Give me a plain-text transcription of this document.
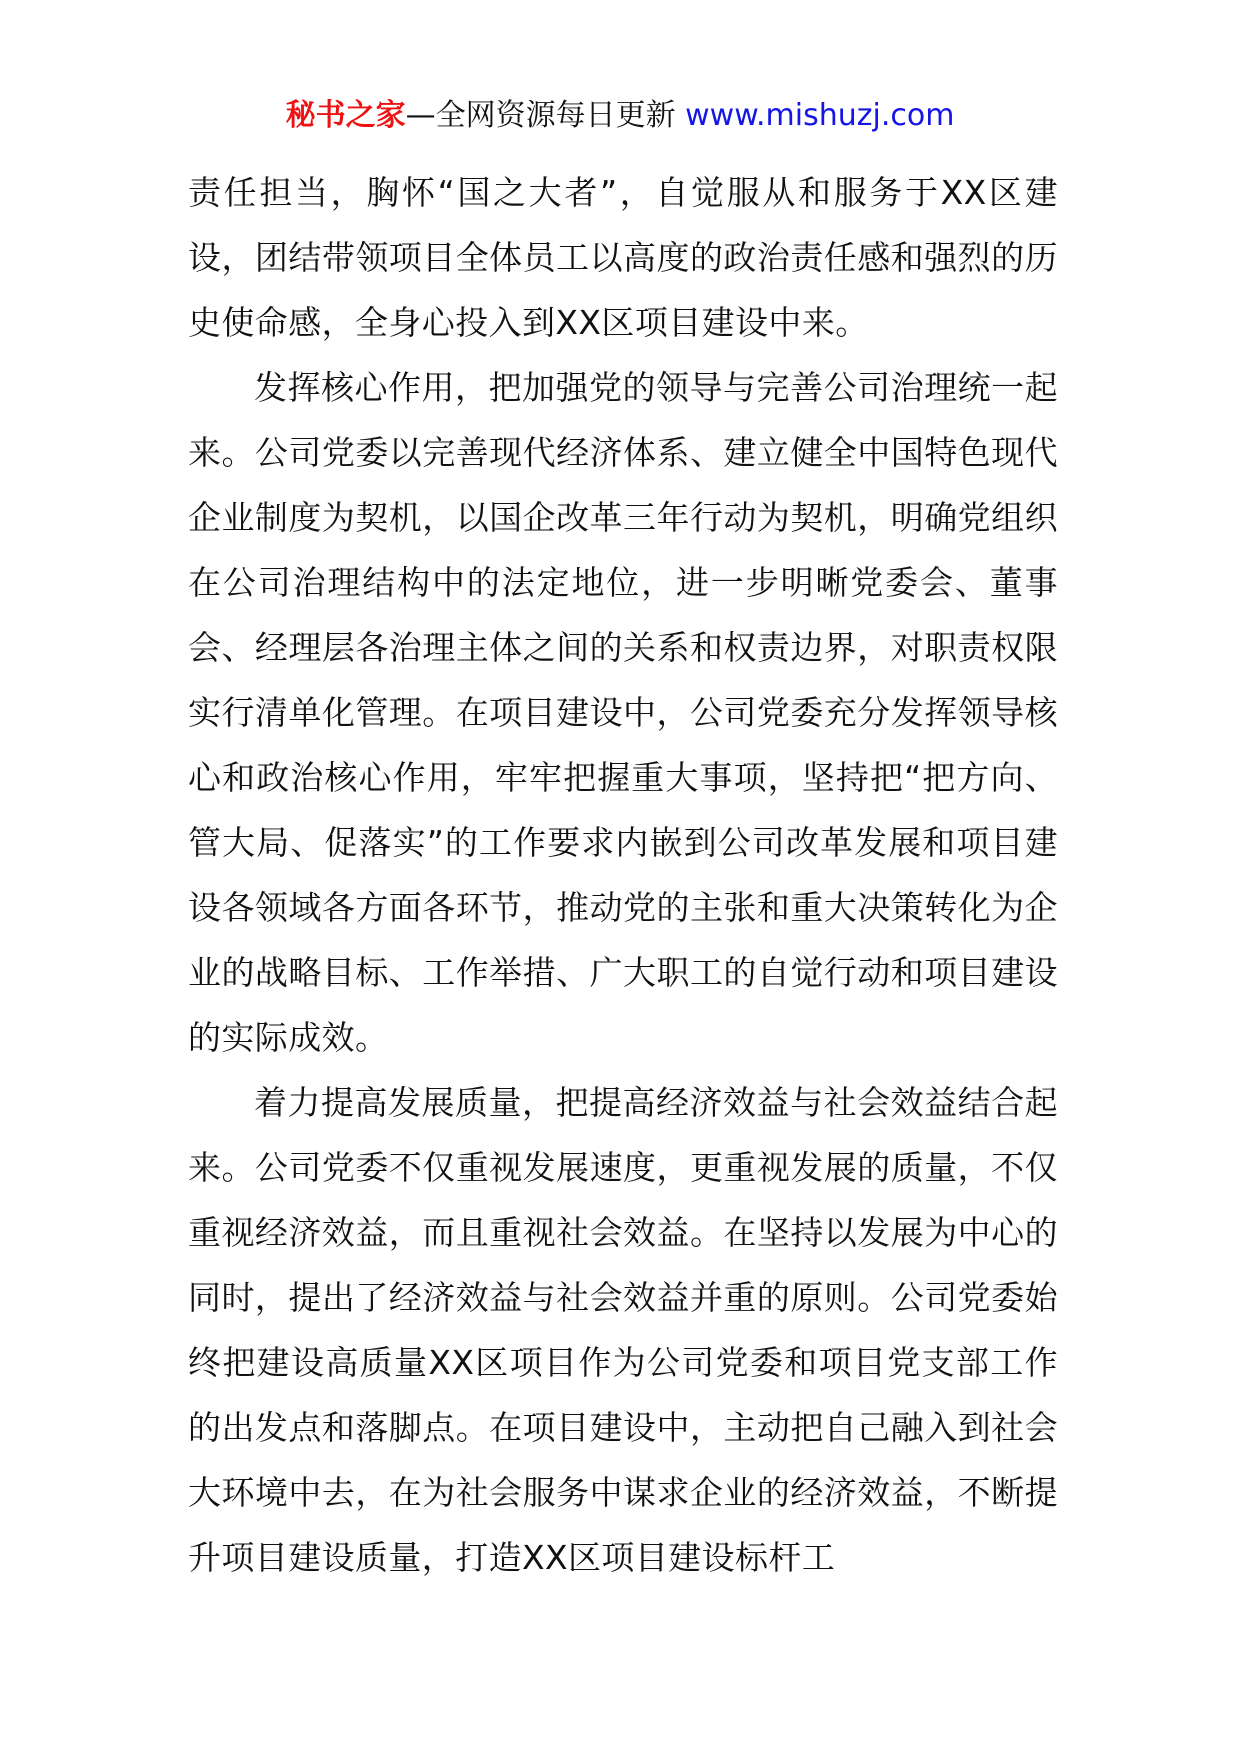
秘书之家—全网资源每日更新 www.mishuzj.com

责任担当，胸怀“国之大者”，自觉服从和服务于XX区建设，团结带领项目全体员工以高度的政治责任感和强烈的历史使命感，全身心投入到XX区项目建设中来。

发挥核心作用，把加强党的领导与完善公司治理统一起来。公司党委以完善现代经济体系、建立健全中国特色现代企业制度为契机，以国企改革三年行动为契机，明确党组织在公司治理结构中的法定地位，进一步明晰党委会、董事会、经理层各治理主体之间的关系和权责边界，对职责权限实行清单化管理。在项目建设中，公司党委充分发挥领导核心和政治核心作用，牢牢把握重大事项，坚持把“把方向、管大局、促落实”的工作要求内嵌到公司改革发展和项目建设各领域各方面各环节，推动党的主张和重大决策转化为企业的战略目标、工作举措、广大职工的自觉行动和项目建设的实际成效。

着力提高发展质量，把提高经济效益与社会效益结合起来。公司党委不仅重视发展速度，更重视发展的质量，不仅重视经济效益，而且重视社会效益。在坚持以发展为中心的同时，提出了经济效益与社会效益并重的原则。公司党委始终把建设高质量XX区项目作为公司党委和项目党支部工作的出发点和落脚点。在项目建设中，主动把自己融入到社会大环境中去，在为社会服务中谋求企业的经济效益，不断提升项目建设质量，打造XX区项目建设标杆工
